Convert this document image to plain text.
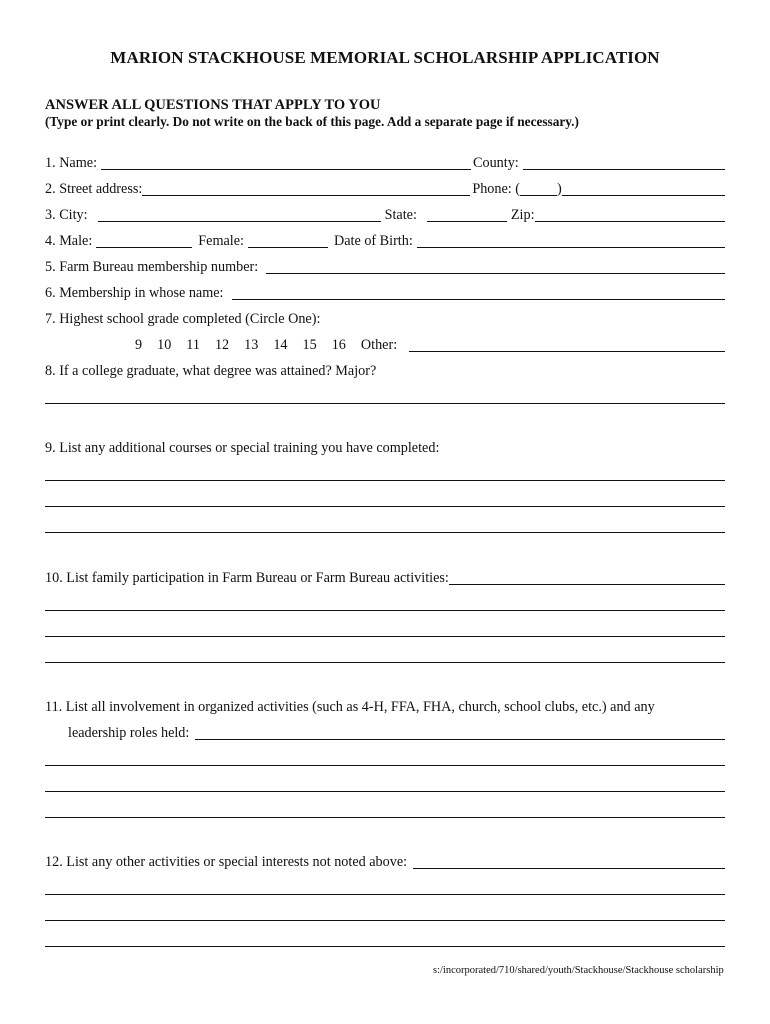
MARION STACKHOUSE MEMORIAL SCHOLARSHIP APPLICATION
ANSWER ALL QUESTIONS THAT APPLY TO YOU
(Type or print clearly. Do not write on the back of this page. Add a separate page if necessary.)
1. Name:	County:
2. Street address:	Phone: (	)
3. City:	State:	Zip:
4. Male:	Female:	Date of Birth:
5. Farm Bureau membership number:
6. Membership in whose name:
7. Highest school grade completed (Circle One):
9 10 11 12 13 14 15 16 Other:
8. If a college graduate, what degree was attained? Major?
9. List any additional courses or special training you have completed:
10. List family participation in Farm Bureau or Farm Bureau activities:
11. List all involvement in organized activities (such as 4-H, FFA, FHA, church, school clubs, etc.) and any
leadership roles held:
12. List any other activities or special interests not noted above:
s:/incorporated/710/shared/youth/Stackhouse/Stackhouse scholarship
